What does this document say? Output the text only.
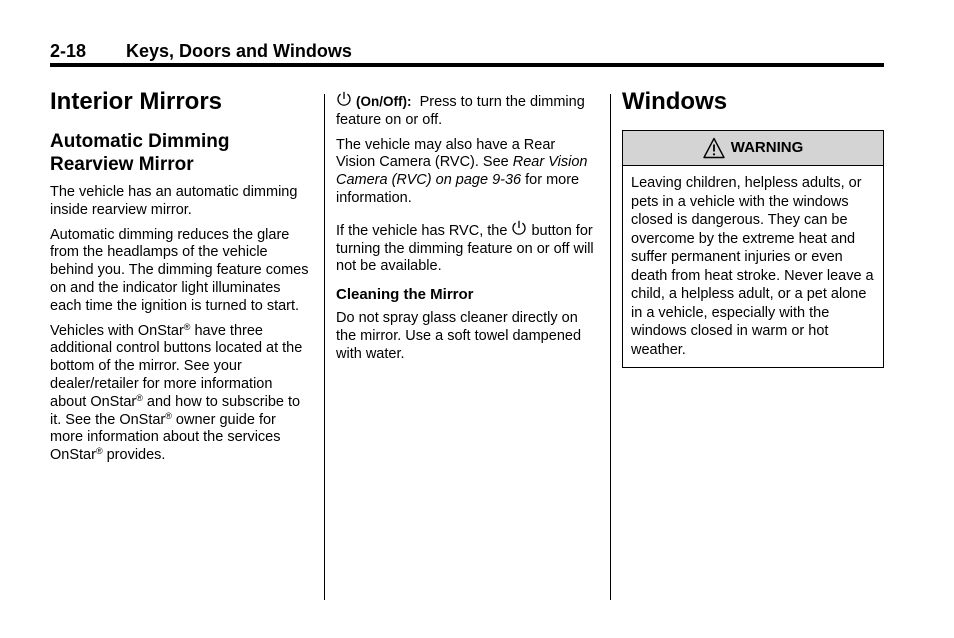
2-18 Keys, Doors and Windows
Interior Mirrors
Automatic Dimming Rearview Mirror

The vehicle has an automatic dimming inside rearview mirror.

Automatic dimming reduces the glare from the headlamps of the vehicle behind you. The dimming feature comes on and the indicator light illuminates each time the ignition is turned to start.

Vehicles with OnStar® have three additional control buttons located at the bottom of the mirror. See your dealer/retailer for more information about OnStar® and how to subscribe to it. See the OnStar® owner guide for more information about the services OnStar® provides.

(On/Off): Press to turn the dimming feature on or off.

The vehicle may also have a Rear Vision Camera (RVC). See Rear Vision Camera (RVC) on page 9-36 for more information.

If the vehicle has RVC, the  button for turning the dimming feature on or off will not be available.

Cleaning the Mirror

Do not spray glass cleaner directly on the mirror. Use a soft towel dampened with water.

Windows
WARNING
Leaving children, helpless adults, or pets in a vehicle with the windows closed is dangerous. They can be overcome by the extreme heat and suffer permanent injuries or even death from heat stroke. Never leave a child, a helpless adult, or a pet alone in a vehicle, especially with the windows closed in warm or hot weather.
